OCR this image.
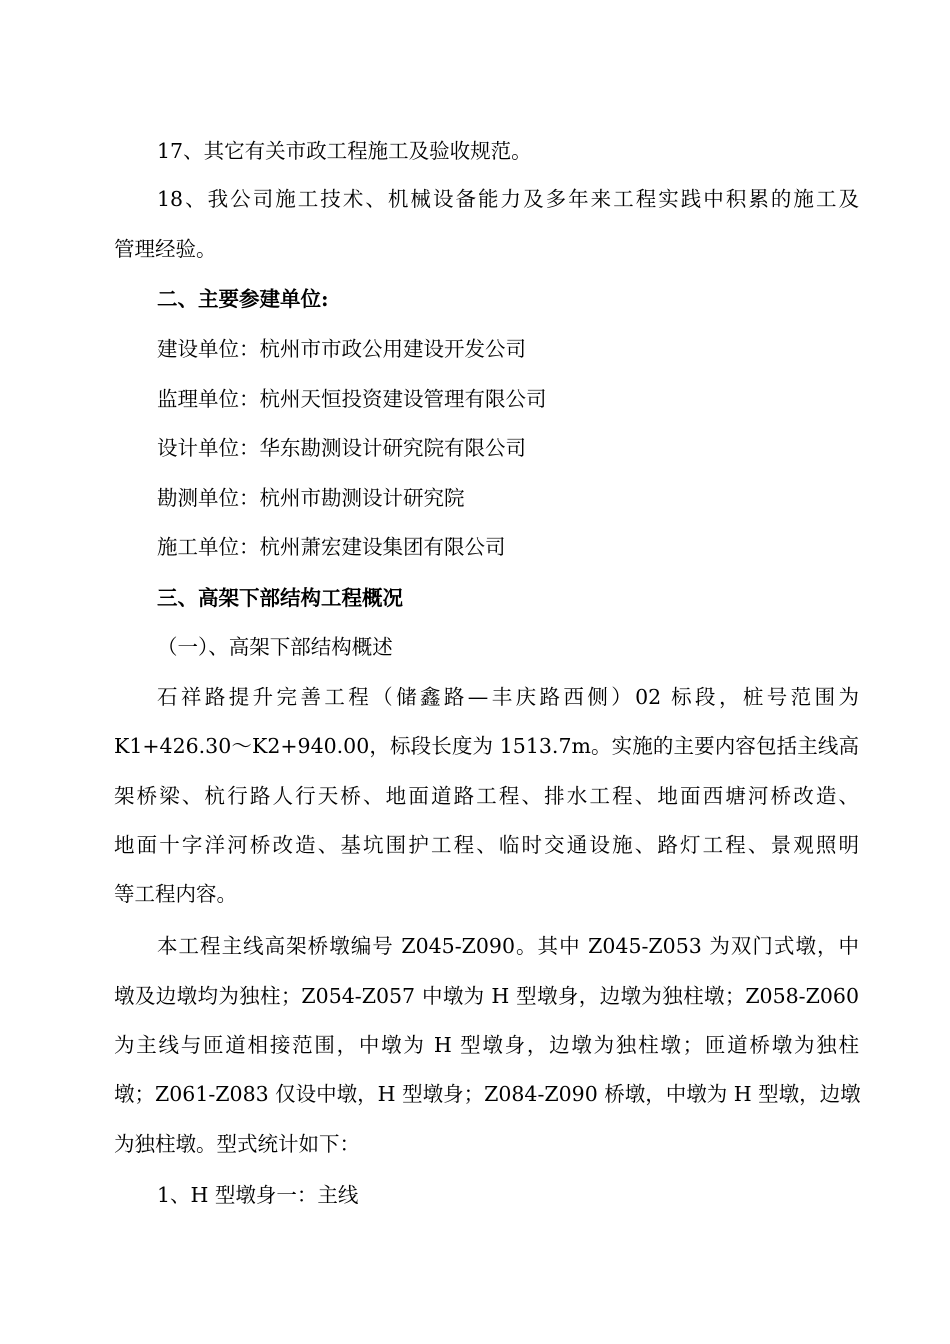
17、其它有关市政工程施工及验收规范。
18、我公司施工技术、机械设备能力及多年来工程实践中积累的施工及
管理经验。
二、主要参建单位:
建设单位：杭州市市政公用建设开发公司
监理单位：杭州天恒投资建设管理有限公司
设计单位：华东勘测设计研究院有限公司
勘测单位：杭州市勘测设计研究院
施工单位：杭州萧宏建设集团有限公司
三、高架下部结构工程概况
（一）、高架下部结构概述
石祥路提升完善工程（储鑫路—丰庆路西侧）02 标段，桩号范围为
K1+426.30～K2+940.00，标段长度为 1513.7m。实施的主要内容包括主线高
架桥梁、杭行路人行天桥、地面道路工程、排水工程、地面西塘河桥改造、
地面十字洋河桥改造、基坑围护工程、临时交通设施、路灯工程、景观照明
等工程内容。
本工程主线高架桥墩编号 Z045-Z090。其中 Z045-Z053 为双门式墩，中
墩及边墩均为独柱；Z054-Z057 中墩为 H 型墩身，边墩为独柱墩；Z058-Z060
为主线与匝道相接范围，中墩为 H 型墩身，边墩为独柱墩；匝道桥墩为独柱
墩；Z061-Z083 仅设中墩，H 型墩身；Z084-Z090 桥墩，中墩为 H 型墩，边墩
为独柱墩。型式统计如下：
1、H 型墩身一：主线
